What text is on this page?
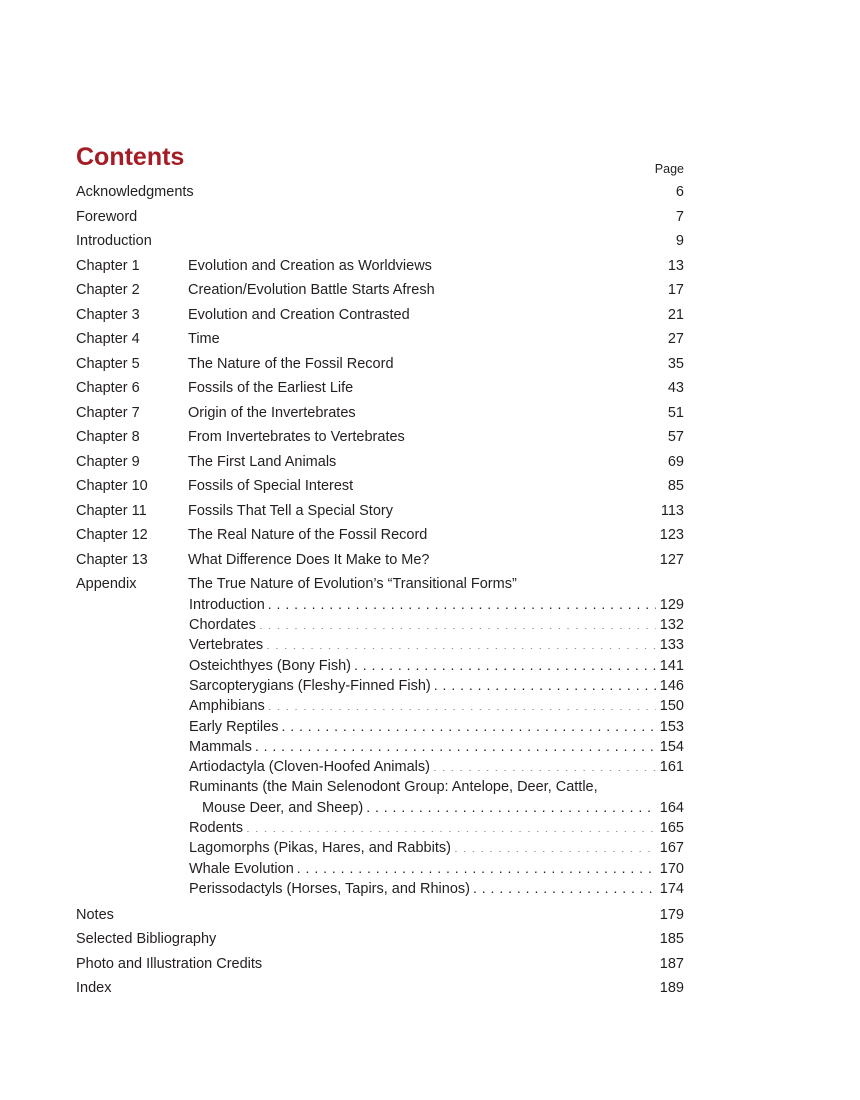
Contents	Page
Acknowledgments . . .	6
Foreword . . .	7
Introduction . . .	9
Chapter 1	Evolution and Creation as Worldviews . . .	13
Chapter 2	Creation/Evolution Battle Starts Afresh . . .	17
Chapter 3	Evolution and Creation Contrasted . . .	21
Chapter 4	Time . . .	27
Chapter 5	The Nature of the Fossil Record . . .	35
Chapter 6	Fossils of the Earliest Life . . .	43
Chapter 7	Origin of the Invertebrates . . .	51
Chapter 8	From Invertebrates to Vertebrates . . .	57
Chapter 9	The First Land Animals . . .	69
Chapter 10	Fossils of Special Interest . . .	85
Chapter 11	Fossils That Tell a Special Story . . .	113
Chapter 12	The Real Nature of the Fossil Record . . .	123
Chapter 13	What Difference Does It Make to Me? . . .	127
Appendix	The True Nature of Evolution’s “Transitional Forms”
Introduction . . .	129
Chordates . . .	132
Vertebrates . . .	133
Osteichthyes (Bony Fish) . . .	141
Sarcopterygians (Fleshy-Finned Fish) . . .	146
Amphibians . . .	150
Early Reptiles . . .	153
Mammals . . .	154
Artiodactyla (Cloven-Hoofed Animals) . . .	161
Ruminants (the Main Selenodont Group: Antelope, Deer, Cattle,
Mouse Deer, and Sheep) . . .	164
Rodents . . .	165
Lagomorphs (Pikas, Hares, and Rabbits) . . .	167
Whale Evolution . . .	170
Perissodactyls (Horses, Tapirs, and Rhinos) . . .	174
Notes . . .	179
Selected Bibliography . . .	185
Photo and Illustration Credits . . .	187
Index . . .	189
